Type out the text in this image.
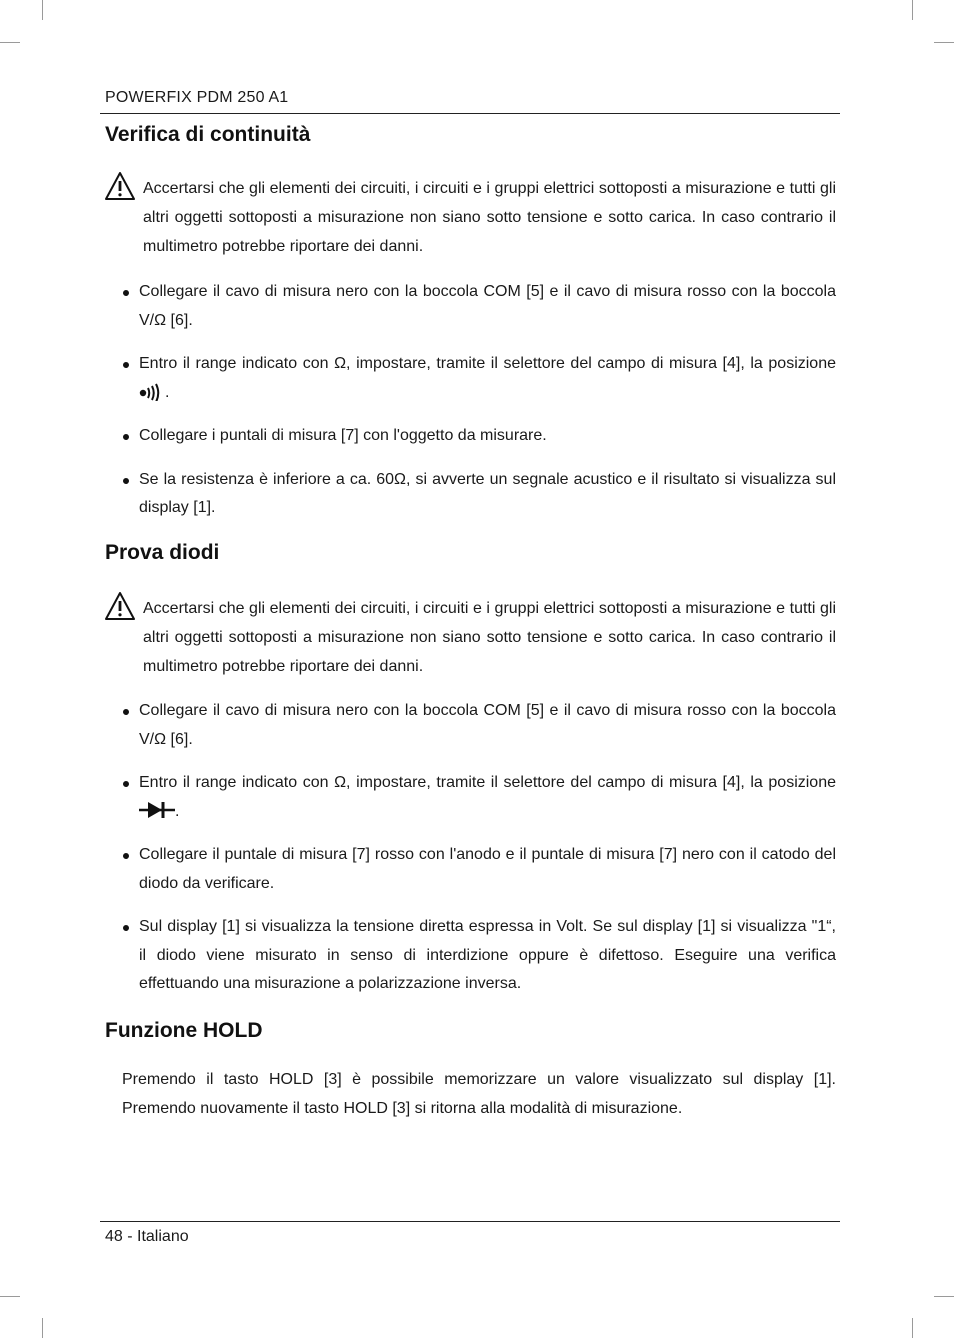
POWERFIX PDM 250 A1
Verifica di continuità
Accertarsi che gli elementi dei circuiti, i circuiti e i gruppi elettrici sottoposti a misurazione e tutti gli altri oggetti sottoposti a misurazione non siano sotto tensione e sotto carica. In caso contrario il multimetro potrebbe riportare dei danni.
Collegare il cavo di misura nero con la boccola COM [5] e il cavo di misura rosso con la boccola V/Ω [6].
Entro il range indicato con Ω, impostare, tramite il selettore del campo di misura [4], la posizione .
Collegare i puntali di misura [7] con l'oggetto da misurare.
Se la resistenza è inferiore a ca. 60Ω, si avverte un segnale acustico e il risultato si visualizza sul display [1].
Prova diodi
Accertarsi che gli elementi dei circuiti, i circuiti e i gruppi elettrici sottoposti a misurazione e tutti gli altri oggetti sottoposti a misurazione non siano sotto tensione e sotto carica. In caso contrario il multimetro potrebbe riportare dei danni.
Collegare il cavo di misura nero con la boccola COM [5] e il cavo di misura rosso con la boccola V/Ω [6].
Entro il range indicato con Ω, impostare, tramite il selettore del campo di misura [4], la posizione .
Collegare il puntale di misura [7] rosso con l'anodo e il puntale di misura [7] nero con il catodo del diodo da verificare.
Sul display [1] si visualizza la tensione diretta espressa in Volt. Se sul display [1] si visualizza "1“, il diodo viene misurato in senso di interdizione oppure è difettoso. Eseguire una verifica effettuando una misurazione a polarizzazione inversa.
Funzione HOLD

Premendo il tasto HOLD [3] è possibile memorizzare un valore visualizzato sul display [1]. Premendo nuovamente il tasto HOLD [3] si ritorna alla modalità di misurazione.

48 - Italiano
